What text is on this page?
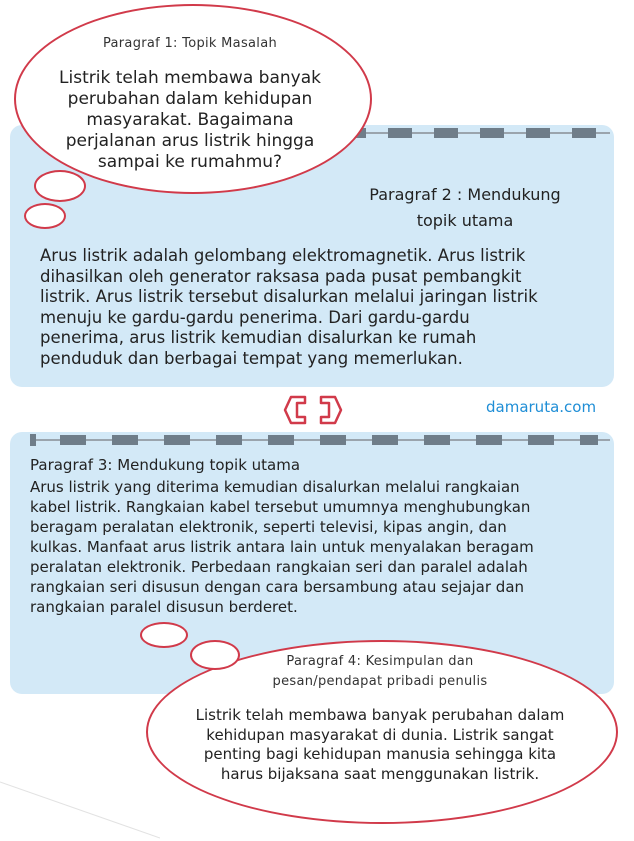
Paragraf 1: Topik Masalah
Listrik telah membawa banyak
perubahan dalam kehidupan
masyarakat. Bagaimana
perjalanan arus listrik hingga
sampai ke rumahmu?
Paragraf 2 : Mendukung
topik utama
Arus listrik adalah gelombang elektromagnetik. Arus listrik
dihasilkan oleh generator raksasa pada pusat pembangkit
listrik. Arus listrik tersebut disalurkan melalui jaringan listrik
menuju ke gardu-gardu penerima. Dari gardu-gardu
penerima, arus listrik kemudian disalurkan ke rumah
penduduk dan berbagai tempat yang memerlukan.
damaruta.com
Paragraf 3: Mendukung topik utama
Arus listrik yang diterima kemudian disalurkan melalui rangkaian
kabel listrik. Rangkaian kabel tersebut umumnya menghubungkan
beragam peralatan elektronik, seperti televisi, kipas angin, dan
kulkas. Manfaat arus listrik antara lain untuk menyalakan beragam
peralatan elektronik. Perbedaan rangkaian seri dan paralel adalah
rangkaian seri disusun dengan cara bersambung atau sejajar dan
rangkaian paralel disusun berderet.
Paragraf 4: Kesimpulan dan
pesan/pendapat pribadi penulis
Listrik telah membawa banyak perubahan dalam
kehidupan masyarakat di dunia. Listrik sangat
penting bagi kehidupan manusia sehingga kita
harus bijaksana saat menggunakan listrik.
